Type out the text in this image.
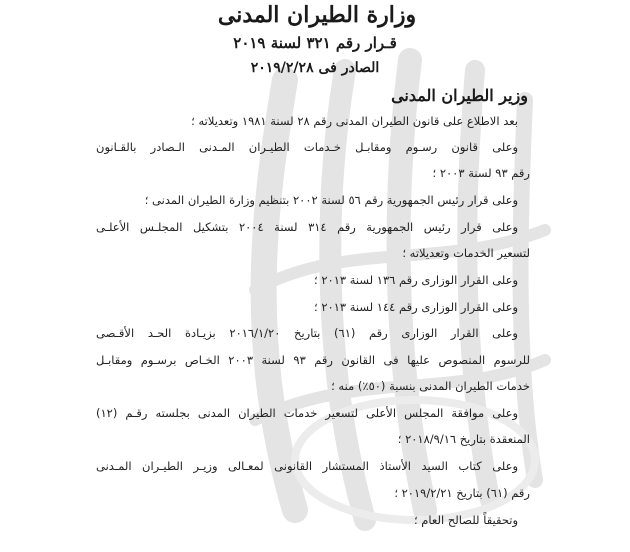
وزارة الطيران المدنى
قـرار رقم ٣٢١ لسنة ٢٠١٩
الصادر فى ٢٠١٩/٢/٢٨
وزير الطيران المدنى
بعد الاطلاع على قانون الطيران المدنى رقم ٢٨ لسنة ١٩٨١ وتعديلاته ؛
وعلى قانون رسـوم ومقابـل خـدمات الطيـران المـدنى الـصادر بالقـانون
رقم ٩٣ لسنة ٢٠٠٣ ؛
وعلى قرار رئيس الجمهورية رقم ٥٦ لسنة ٢٠٠٢ بتنظيم وزارة الطيران المدنى ؛
وعلى قرار رئيس الجمهورية رقم ٣١٤ لسنة ٢٠٠٤ بتشكيل المجلـس الأعلـى
لتسعير الخدمات وتعديلاته ؛
وعلى القرار الوزارى رقم ١٣٦ لسنة ٢٠١٣ ؛
وعلى القرار الوزارى رقم ١٤٤ لسنة ٢٠١٣ ؛
وعلى القرار الوزارى رقم (٦١) بتاريخ ٢٠١٦/١/٢٠ بزيـادة الحـد الأقـصى
للرسوم المنصوص عليها فى القانون رقم ٩٣ لسنة ٢٠٠٣ الخـاص برسـوم ومقابـل
خدمات الطيران المدنى بنسبة (٥٠٪) منه ؛
وعلى موافقة المجلس الأعلى لتسعير خدمات الطيران المدنى بجلسته رقـم (١٢)
المنعقدة بتاريخ ٢٠١٨/٩/١٦ ؛
وعلى كتاب السيد الأستاذ المستشار القانونى لمعـالى وزيـر الطيـران المـدنى
رقم (٦١) بتاريخ ٢٠١٩/٢/٢١ ؛
وتحقيقاً للصالح العام ؛
